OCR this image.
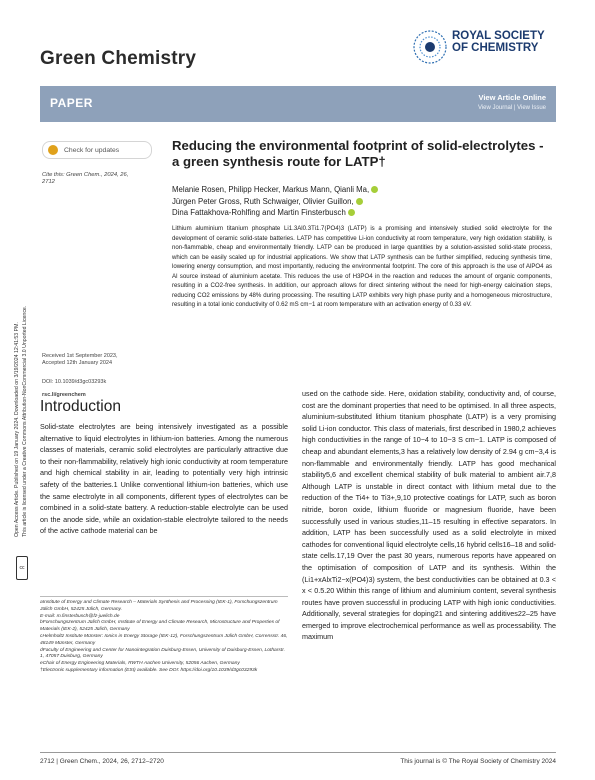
Open Access Article. Published on 19 January 2024. Downloaded on 3/19/2024 12:41:53 PM. This article is licensed under a Creative Commons Attribution-NonCommercial 3.0 Unported Licence.
cc
Green Chemistry
ROYAL SOCIETY
OF CHEMISTRY
PAPER	View Article Online
View Journal | View Issue
Check for updates
Cite this: Green Chem., 2024, 26, 2712
Received 1st September 2023,
Accepted 12th January 2024
DOI: 10.1039/d3gc03293k
rsc.li/greenchem
Reducing the environmental footprint of solid-electrolytes - a green synthesis route for LATP†
Melanie Rosen, Philipp Hecker, Markus Mann, Qianli Ma,
Jürgen Peter Gross, Ruth Schwaiger, Olivier Guillon,
Dina Fattakhova-Rohlfing and Martin Finsterbusch
Lithium aluminium titanium phosphate Li1.3Al0.3Ti1.7(PO4)3 (LATP) is a promising and intensively studied solid electrolyte for the development of ceramic solid-state batteries. LATP has competitive Li-ion conductivity at room temperature, very high oxidation stability, is non-flammable, cheap and environmentally friendly. LATP can be produced in large quantities by a solution-assisted solid-state process, which can be easily scaled up for industrial applications. We show that LATP synthesis can be further simplified, reducing synthesis time, lowering energy consumption, and most importantly, reducing the environmental footprint. The core of this approach is the use of AlPO4 as Al source instead of aluminium acetate. This reduces the use of H3PO4 in the reaction and reduces the amount of organic components, resulting in a CO2-free synthesis. In addition, our approach allows for direct sintering without the need for high-energy calcination steps, reducing CO2 emissions by 48% during processing. The resulting LATP exhibits very high phase purity and a homogeneous microstructure, resulting in a total ionic conductivity of 0.62 mS cm−1 at room temperature with an activation energy of 0.33 eV.
Introduction
Solid-state electrolytes are being intensively investigated as a possible alternative to liquid electrolytes in lithium-ion batteries. Among the numerous classes of materials, ceramic solid electrolytes are particularly attractive due to their non-flammability, relatively high ionic conductivity at room temperature and high chemical stability in air, leading to potentially very high intrinsic safety of the batteries.1 Unlike conventional lithium-ion batteries, which use the same electrolyte in all components, different types of electrolytes can be combined in a solid-state battery. A reduction-stable electrolyte can be used on the anode side, while an oxidation-stable electrolyte tailored to the needs of the active cathode material can be
used on the cathode side. Here, oxidation stability, conductivity and, of course, cost are the dominant properties that need to be optimised. In all three aspects, aluminium-substituted lithium titanium phosphate (LATP) is a very promising solid Li-ion conductor. This class of materials, first described in 1980,2 achieves high conductivities in the range of 10−4 to 10−3 S cm−1. LATP is composed of cheap and abundant elements,3 has a relatively low density of 2.94 g cm−3,4 is non-flammable and environmentally friendly. LATP has good mechanical stability5,6 and excellent chemical stability of bulk material to ambient air.7,8 Although LATP is unstable in direct contact with lithium metal due to the reduction of the Ti4+ to Ti3+,9,10 protective coatings for LATP, such as boron nitride, boron oxide, lithium fluoride or magnesium fluoride, have been successfully used in various studies,11–15 resulting in effective separators. In addition, LATP has been successfully used as a solid electrolyte in mixed cathodes for conventional liquid electrolyte cells,16 hybrid cells16–18 and solid-state cells.17,19 Over the past 30 years, numerous reports have appeared on the optimisation of composition of LATP and its synthesis. Within the (Li1+xAlxTi2−x(PO4)3) system, the best conductivities can be obtained at 0.3 < x < 0.5.20 Within this range of lithium and aluminium content, several synthesis routes have proven successful in producing LATP with high ionic conductivities. Additionally, several strategies for doping21 and sintering additives22–25 have emerged to improve electrochemical performance as well as processability. The maximum
aInstitute of Energy and Climate Research – Materials Synthesis and Processing (IEK-1), Forschungszentrum Jülich GmbH, 52425 Jülich, Germany.
E-mail: m.finsterbusch@fz-juelich.de
bForschungszentrum Jülich GmbH, Institute of Energy and Climate Research, Microstructure and Properties of Materials (IEK-2), 52425 Jülich, Germany
cHelmholtz Institute Münster: Ionics in Energy Storage (IEK-12), Forschungszentrum Jülich GmbH, Corrensstr. 46, 48149 Münster, Germany
dFaculty of Engineering and Center for Nanointegration Duisburg-Essen, University of Duisburg-Essen, Lotharstr. 1, 47057 Duisburg, Germany
eChair of Energy Engineering Materials, RWTH Aachen University, 52056 Aachen, Germany
†Electronic supplementary information (ESI) available. See DOI: https://doi.org/10.1039/d3gc03293k
2712 | Green Chem., 2024, 26, 2712–2720	This journal is © The Royal Society of Chemistry 2024
